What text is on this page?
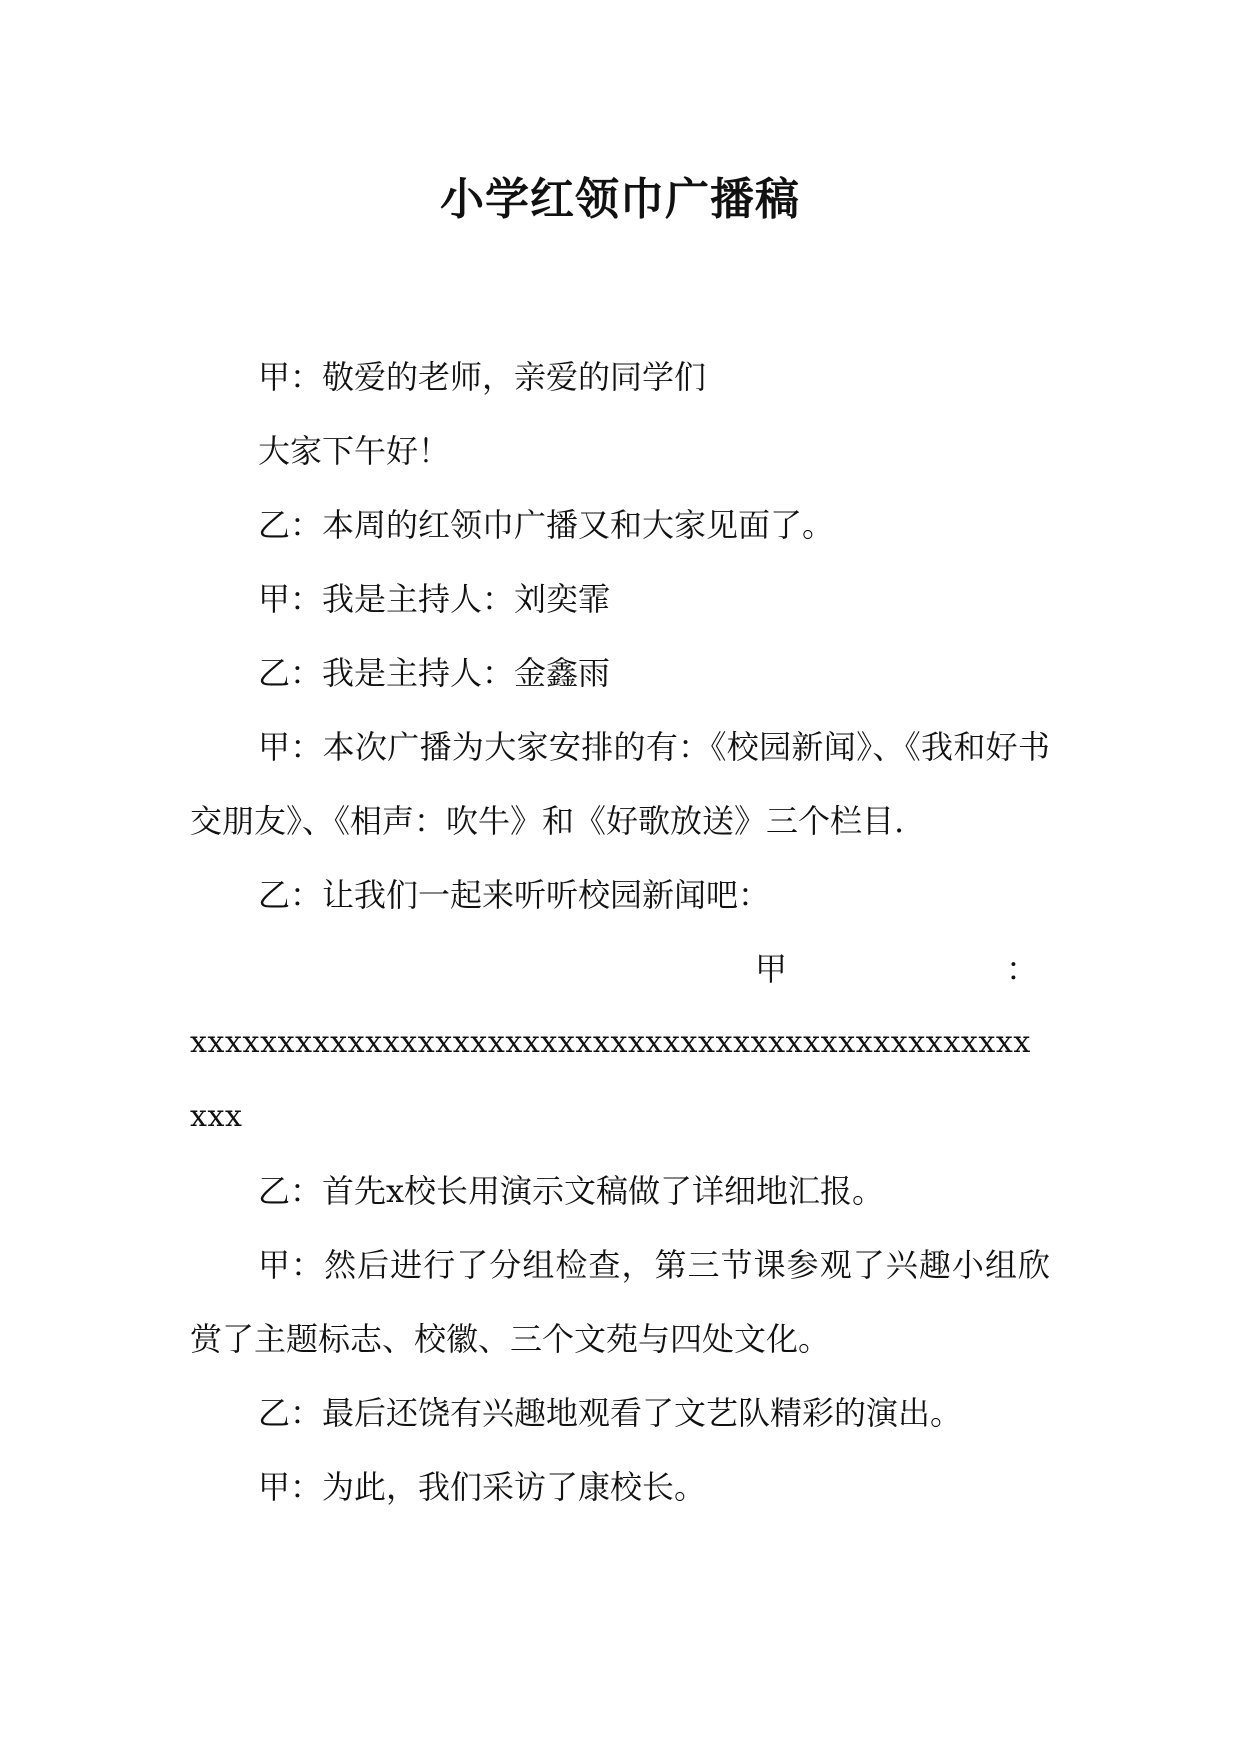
小学红领巾广播稿

甲：敬爱的老师，亲爱的同学们

大家下午好！

乙：本周的红领巾广播又和大家见面了。

甲：我是主持人：刘奕霏

乙：我是主持人：金鑫雨

甲：本次广播为大家安排的有：《校园新闻》、《我和好书交朋友》、《相声：吹牛》和《好歌放送》三个栏目.

乙：让我们一起来听听校园新闻吧：

甲	：

xxxxxxxxxxxxxxxxxxxxxxxxxxxxxxxxxxxxxxxxxxxxxxxx

xxx

乙：首先x校长用演示文稿做了详细地汇报。

甲：然后进行了分组检查，第三节课参观了兴趣小组欣赏了主题标志、校徽、三个文苑与四处文化。

乙：最后还饶有兴趣地观看了文艺队精彩的演出。

甲：为此，我们采访了康校长。
